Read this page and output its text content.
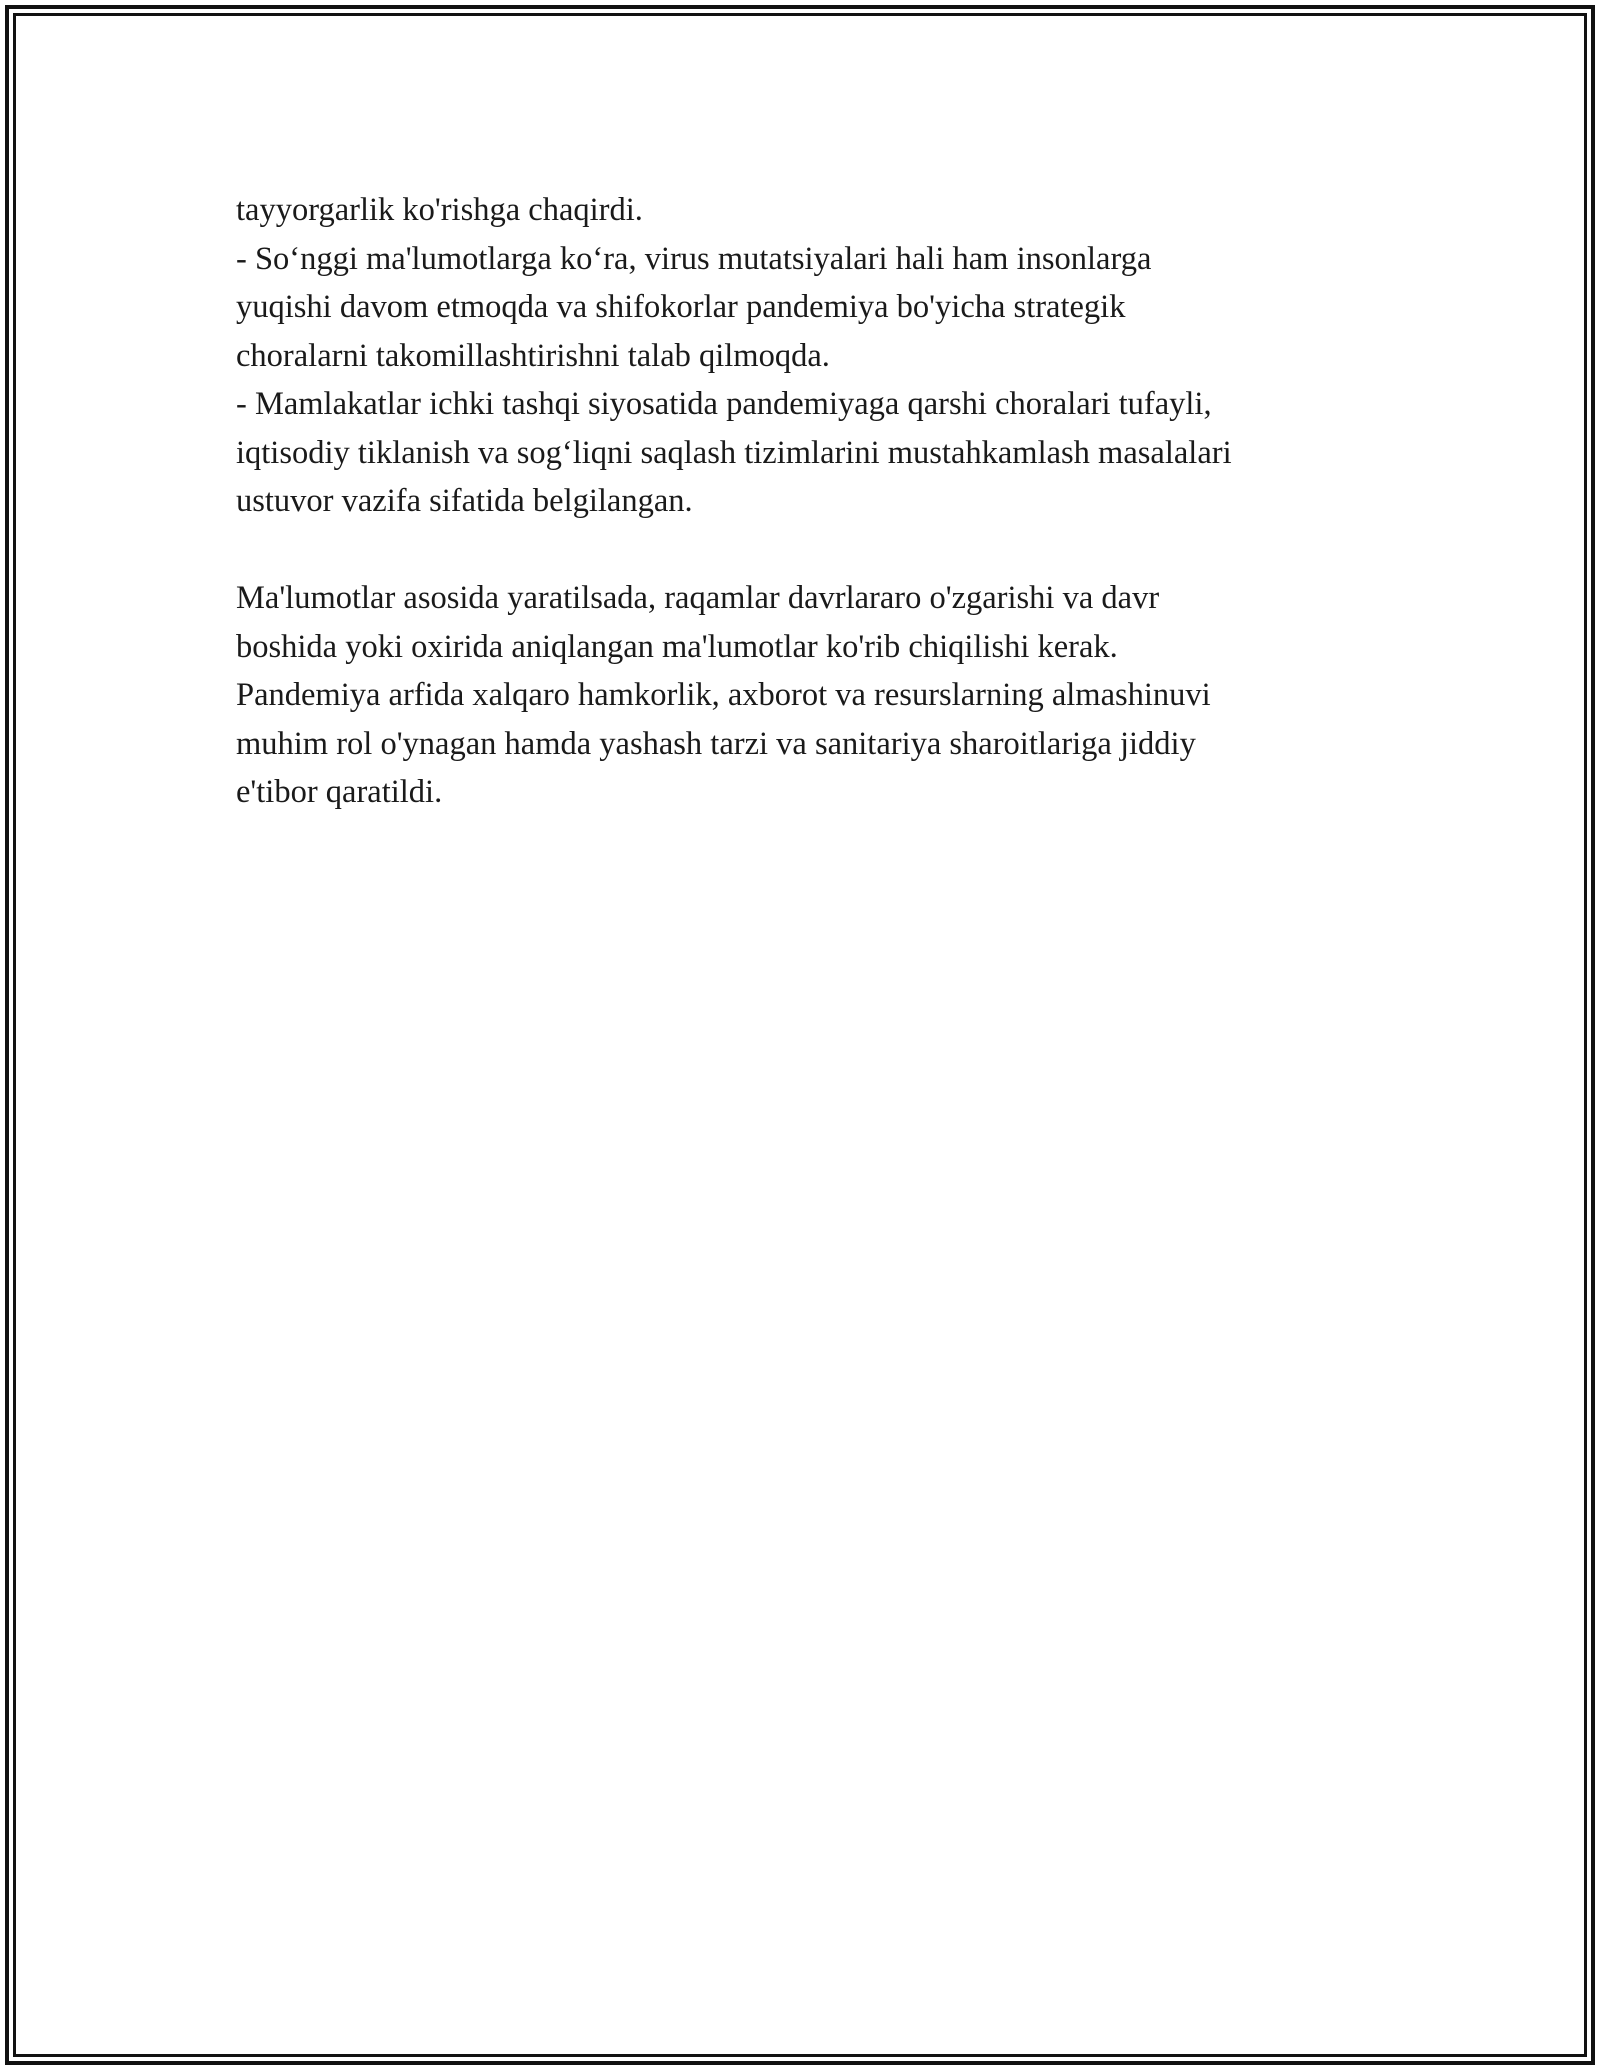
tayyorgarlik ko'rishga chaqirdi.
- So‘nggi ma'lumotlarga ko‘ra, virus mutatsiyalari hali ham insonlarga
yuqishi davom etmoqda va shifokorlar pandemiya bo'yicha strategik
choralarni takomillashtirishni talab qilmoqda.
- Mamlakatlar ichki tashqi siyosatida pandemiyaga qarshi choralari tufayli,
iqtisodiy tiklanish va sog‘liqni saqlash tizimlarini mustahkamlash masalalari
ustuvor vazifa sifatida belgilangan.

Ma'lumotlar asosida yaratilsada, raqamlar davrlararo o'zgarishi va davr
boshida yoki oxirida aniqlangan ma'lumotlar ko'rib chiqilishi kerak.
Pandemiya arfida xalqaro hamkorlik, axborot va resurslarning almashinuvi
muhim rol o'ynagan hamda yashash tarzi va sanitariya sharoitlariga jiddiy
e'tibor qaratildi.
